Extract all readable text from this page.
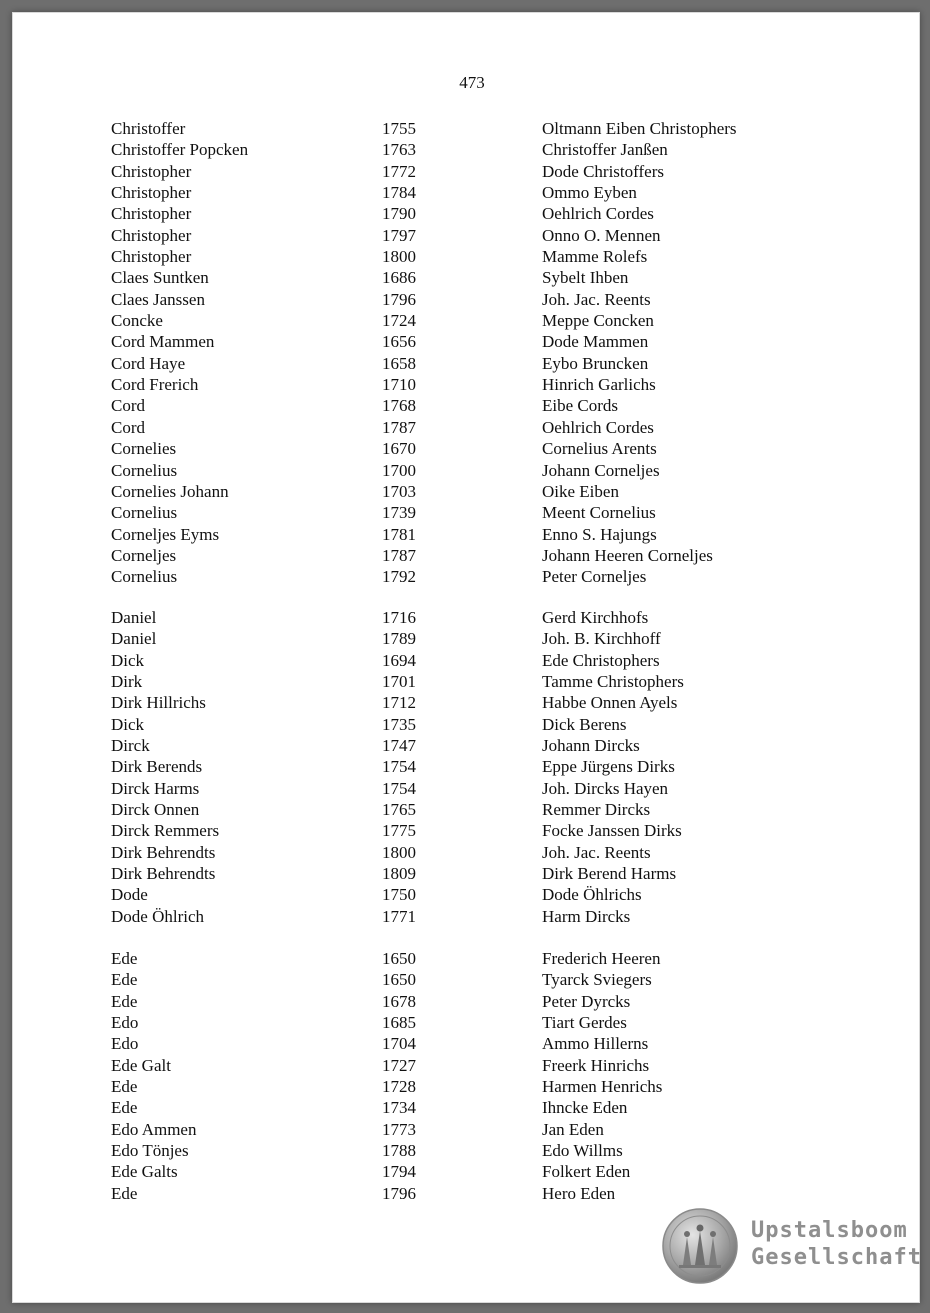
473
Christoffer	1755	Oltmann Eiben Christophers
Christoffer Popcken	1763	Christoffer Janßen
Christopher	1772	Dode Christoffers
Christopher	1784	Ommo Eyben
Christopher	1790	Oehlrich Cordes
Christopher	1797	Onno O. Mennen
Christopher	1800	Mamme Rolefs
Claes Suntken	1686	Sybelt Ihben
Claes Janssen	1796	Joh. Jac. Reents
Concke	1724	Meppe Concken
Cord Mammen	1656	Dode Mammen
Cord Haye	1658	Eybo Bruncken
Cord Frerich	1710	Hinrich Garlichs
Cord	1768	Eibe Cords
Cord	1787	Oehlrich Cordes
Cornelies	1670	Cornelius Arents
Cornelius	1700	Johann Corneljes
Cornelies Johann	1703	Oike Eiben
Cornelius	1739	Meent Cornelius
Corneljes Eyms	1781	Enno S. Hajungs
Corneljes	1787	Johann Heeren Corneljes
Cornelius	1792	Peter Corneljes
Daniel	1716	Gerd Kirchhofs
Daniel	1789	Joh. B. Kirchhoff
Dick	1694	Ede Christophers
Dirk	1701	Tamme Christophers
Dirk Hillrichs	1712	Habbe Onnen Ayels
Dick	1735	Dick Berens
Dirck	1747	Johann Dircks
Dirk Berends	1754	Eppe Jürgens Dirks
Dirck Harms	1754	Joh. Dircks Hayen
Dirck Onnen	1765	Remmer Dircks
Dirck Remmers	1775	Focke Janssen Dirks
Dirk Behrendts	1800	Joh. Jac. Reents
Dirk Behrendts	1809	Dirk Berend Harms
Dode	1750	Dode Öhlrichs
Dode Öhlrich	1771	Harm Dircks
Ede	1650	Frederich Heeren
Ede	1650	Tyarck Sviegers
Ede	1678	Peter Dyrcks
Edo	1685	Tiart Gerdes
Edo	1704	Ammo Hillerns
Ede Galt	1727	Freerk Hinrichs
Ede	1728	Harmen Henrichs
Ede	1734	Ihncke Eden
Edo Ammen	1773	Jan Eden
Edo Tönjes	1788	Edo Willms
Ede Galts	1794	Folkert Eden
Ede	1796	Hero Eden
Upstalsboom
Gesellschaft
